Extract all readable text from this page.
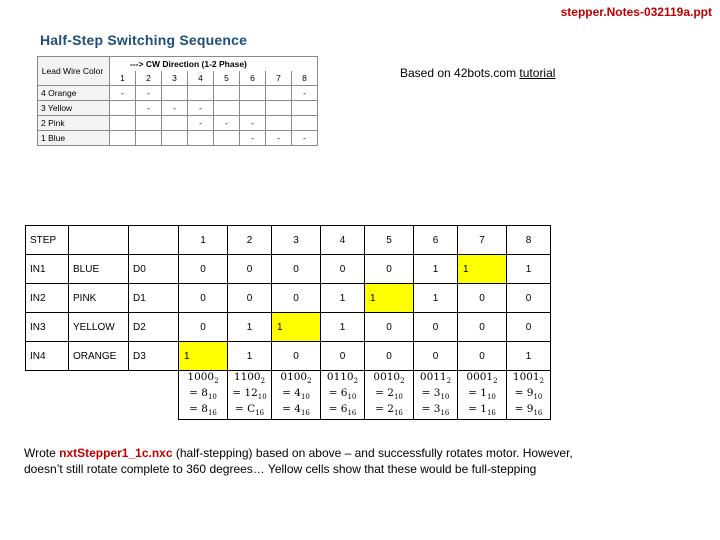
stepper.Notes-032119a.ppt
Half-Step Switching Sequence
Lead Wire Color	---> CW Direction (1-2 Phase)							
	1	2	3	4	5	6	7	8
4 Orange	-	-						-
3 Yellow		-	-	-				
2 Pink				-	-	-		
1 Blue						-	-	-
Based on 42bots.com tutorial
STEP			1	2	3	4	5	6	7	8
IN1	BLUE	D0	0	0	0	0	0	1	1	1
IN2	PINK	D1	0	0	0	1	1	1	0	0
IN3	YELLOW	D2	0	1	1	1	0	0	0	0
IN4	ORANGE	D3	1	1	0	0	0	0	0	1
			$1000_2$
= $8_{10}$
= $8_{16}$	$1100_2$
= $12_{10}$
= $C_{16}$	$0100_2$
= $4_{10}$
= $4_{16}$	$0110_2$
= $6_{10}$
= $6_{16}$	$0010_2$
= $2_{10}$
= $2_{16}$	$0011_2$
= $3_{10}$
= $3_{16}$	$0001_2$
= $1_{10}$
= $1_{16}$	$1001_2$
= $9_{10}$
= $9_{16}$
Wrote nxtStepper1_1c.nxc (half-stepping) based on above – and successfully rotates motor. However, doesn’t still rotate complete to 360 degrees… Yellow cells show that these would be full-stepping
